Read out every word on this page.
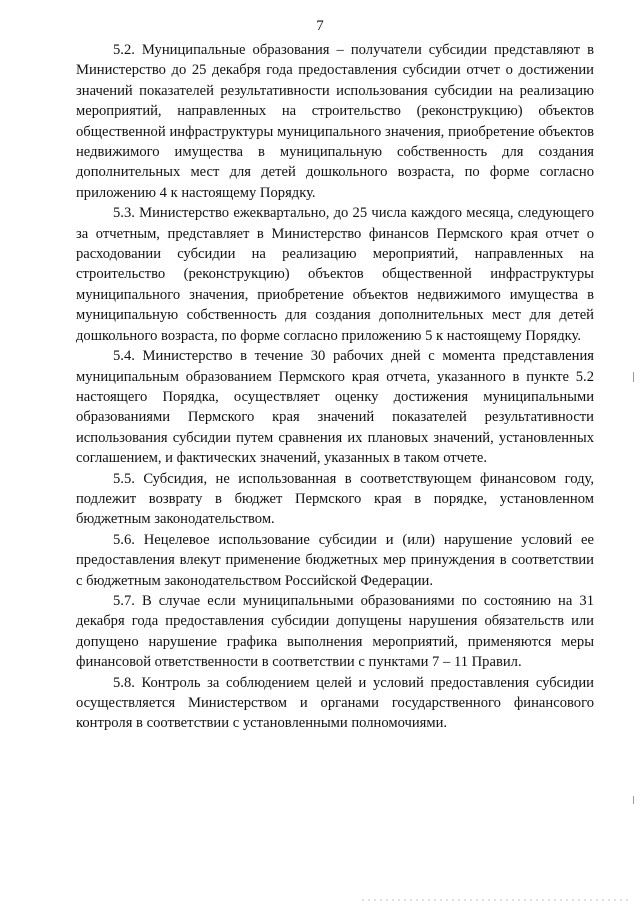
7

5.2. Муниципальные образования – получатели субсидии представляют в Министерство до 25 декабря года предоставления субсидии отчет о достижении значений показателей результативности использования субсидии на реализацию мероприятий, направленных на строительство (реконструкцию) объектов общественной инфраструктуры муниципального значения, приобретение объектов недвижимого имущества в муниципальную собственность для создания дополнительных мест для детей дошкольного возраста, по форме согласно приложению 4 к настоящему Порядку.

5.3. Министерство ежеквартально, до 25 числа каждого месяца, следующего за отчетным, представляет в Министерство финансов Пермского края отчет о расходовании субсидии на реализацию мероприятий, направленных на строительство (реконструкцию) объектов общественной инфраструктуры муниципального значения, приобретение объектов недвижимого имущества в муниципальную собственность для создания дополнительных мест для детей дошкольного возраста, по форме согласно приложению 5 к настоящему Порядку.

5.4. Министерство в течение 30 рабочих дней с момента представления муниципальным образованием Пермского края отчета, указанного в пункте 5.2 настоящего Порядка, осуществляет оценку достижения муниципальными образованиями Пермского края значений показателей результативности использования субсидии путем сравнения их плановых значений, установленных соглашением, и фактических значений, указанных в таком отчете.

5.5. Субсидия, не использованная в соответствующем финансовом году, подлежит возврату в бюджет Пермского края в порядке, установленном бюджетным законодательством.

5.6. Нецелевое использование субсидии и (или) нарушение условий ее предоставления влекут применение бюджетных мер принуждения в соответствии с бюджетным законодательством Российской Федерации.

5.7. В случае если муниципальными образованиями по состоянию на 31 декабря года предоставления субсидии допущены нарушения обязательств или допущено нарушение графика выполнения мероприятий, применяются меры финансовой ответственности в соответствии с пунктами 7 – 11 Правил.

5.8. Контроль за соблюдением целей и условий предоставления субсидии осуществляется Министерством и органами государственного финансового контроля в соответствии с установленными полномочиями.
